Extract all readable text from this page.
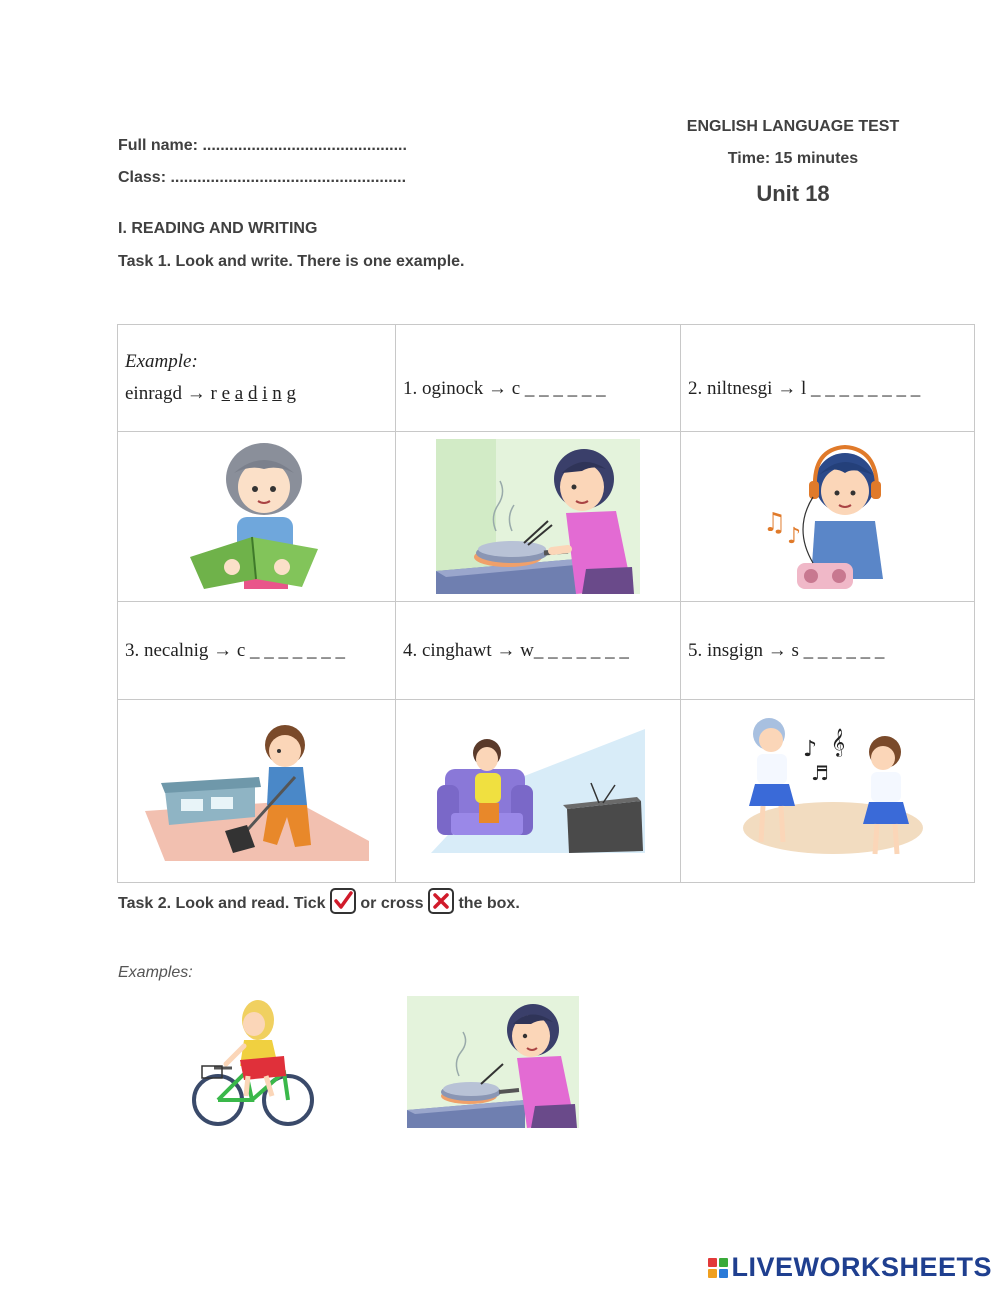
Full name: ..............................................
Class: .....................................................
ENGLISH LANGUAGE TEST
Time: 15 minutes
Unit 18
I. READING AND WRITING
Task 1. Look and write. There is one example.
Example:
einragd → r e a d i n g	1. oginock → c _ _ _ _ _ _	2. niltnesgi → l _ _ _ _ _ _ _ _

♫ ♪

3. necalnig → c _ _ _ _ _ _ _	4. cinghawt → w_ _ _ _ _ _ _	5. insgign → s _ _ _ _ _ _

♪ 𝄞
♬
Task 2. Look and read. Tick or cross the box.
Examples:
LIVEWORKSHEETS
